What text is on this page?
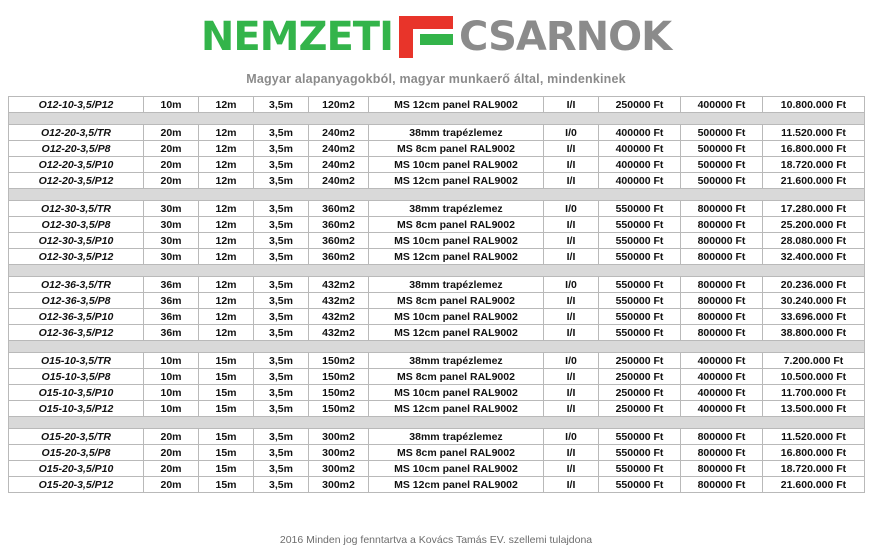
NEMZETI CSARNOK
Magyar alapanyagokból, magyar munkaerő által, mindenkinek
O12-10-3,5/P12	10m	12m	3,5m	120m2	MS 12cm panel RAL9002	I/I	250000 Ft	400000 Ft	10.800.000 Ft

O12-20-3,5/TR	20m	12m	3,5m	240m2	38mm trapézlemez	I/0	400000 Ft	500000 Ft	11.520.000 Ft
O12-20-3,5/P8	20m	12m	3,5m	240m2	MS 8cm panel RAL9002	I/I	400000 Ft	500000 Ft	16.800.000 Ft
O12-20-3,5/P10	20m	12m	3,5m	240m2	MS 10cm panel RAL9002	I/I	400000 Ft	500000 Ft	18.720.000 Ft
O12-20-3,5/P12	20m	12m	3,5m	240m2	MS 12cm panel RAL9002	I/I	400000 Ft	500000 Ft	21.600.000 Ft

O12-30-3,5/TR	30m	12m	3,5m	360m2	38mm trapézlemez	I/0	550000 Ft	800000 Ft	17.280.000 Ft
O12-30-3,5/P8	30m	12m	3,5m	360m2	MS 8cm panel RAL9002	I/I	550000 Ft	800000 Ft	25.200.000 Ft
O12-30-3,5/P10	30m	12m	3,5m	360m2	MS 10cm panel RAL9002	I/I	550000 Ft	800000 Ft	28.080.000 Ft
O12-30-3,5/P12	30m	12m	3,5m	360m2	MS 12cm panel RAL9002	I/I	550000 Ft	800000 Ft	32.400.000 Ft

O12-36-3,5/TR	36m	12m	3,5m	432m2	38mm trapézlemez	I/0	550000 Ft	800000 Ft	20.236.000 Ft
O12-36-3,5/P8	36m	12m	3,5m	432m2	MS 8cm panel RAL9002	I/I	550000 Ft	800000 Ft	30.240.000 Ft
O12-36-3,5/P10	36m	12m	3,5m	432m2	MS 10cm panel RAL9002	I/I	550000 Ft	800000 Ft	33.696.000 Ft
O12-36-3,5/P12	36m	12m	3,5m	432m2	MS 12cm panel RAL9002	I/I	550000 Ft	800000 Ft	38.800.000 Ft

O15-10-3,5/TR	10m	15m	3,5m	150m2	38mm trapézlemez	I/0	250000 Ft	400000 Ft	7.200.000 Ft
O15-10-3,5/P8	10m	15m	3,5m	150m2	MS 8cm panel RAL9002	I/I	250000 Ft	400000 Ft	10.500.000 Ft
O15-10-3,5/P10	10m	15m	3,5m	150m2	MS 10cm panel RAL9002	I/I	250000 Ft	400000 Ft	11.700.000 Ft
O15-10-3,5/P12	10m	15m	3,5m	150m2	MS 12cm panel RAL9002	I/I	250000 Ft	400000 Ft	13.500.000 Ft

O15-20-3,5/TR	20m	15m	3,5m	300m2	38mm trapézlemez	I/0	550000 Ft	800000 Ft	11.520.000 Ft
O15-20-3,5/P8	20m	15m	3,5m	300m2	MS 8cm panel RAL9002	I/I	550000 Ft	800000 Ft	16.800.000 Ft
O15-20-3,5/P10	20m	15m	3,5m	300m2	MS 10cm panel RAL9002	I/I	550000 Ft	800000 Ft	18.720.000 Ft
O15-20-3,5/P12	20m	15m	3,5m	300m2	MS 12cm panel RAL9002	I/I	550000 Ft	800000 Ft	21.600.000 Ft
2016 Minden jog fenntartva a Kovács Tamás EV. szellemi tulajdona
